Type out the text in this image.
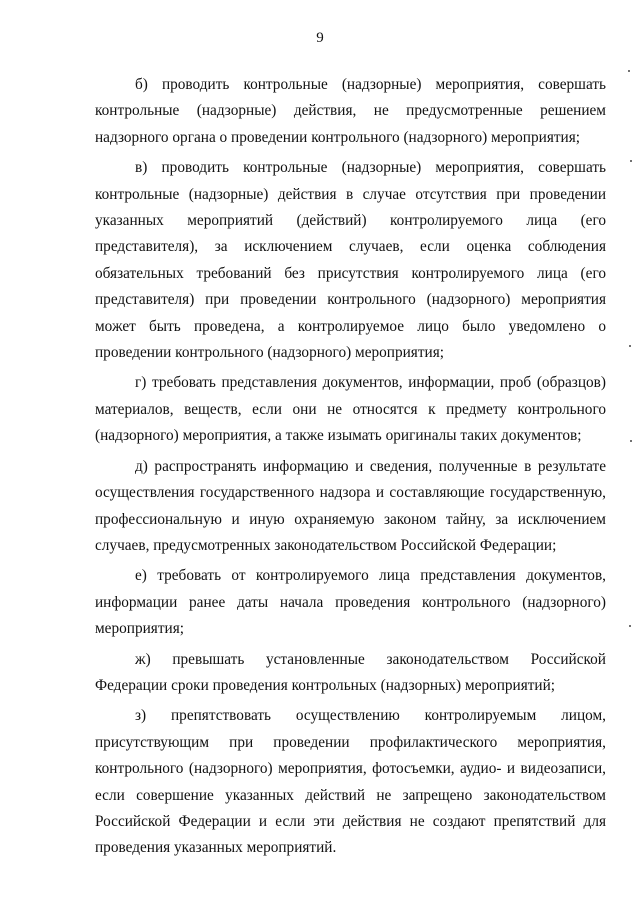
9

б) проводить контрольные (надзорные) мероприятия, совершать контрольные (надзорные) действия, не предусмотренные решением надзорного органа о проведении контрольного (надзорного) мероприятия;

в) проводить контрольные (надзорные) мероприятия, совершать контрольные (надзорные) действия в случае отсутствия при проведении указанных мероприятий (действий) контролируемого лица (его представителя), за исключением случаев, если оценка соблюдения обязательных требований без присутствия контролируемого лица (его представителя) при проведении контрольного (надзорного) мероприятия может быть проведена, а контролируемое лицо было уведомлено о проведении контрольного (надзорного) мероприятия;

г) требовать представления документов, информации, проб (образцов) материалов, веществ, если они не относятся к предмету контрольного (надзорного) мероприятия, а также изымать оригиналы таких документов;

д) распространять информацию и сведения, полученные в результате осуществления государственного надзора и составляющие государственную, профессиональную и иную охраняемую законом тайну, за исключением случаев, предусмотренных законодательством Российской Федерации;

е) требовать от контролируемого лица представления документов, информации ранее даты начала проведения контрольного (надзорного) мероприятия;

ж) превышать установленные законодательством Российской Федерации сроки проведения контрольных (надзорных) мероприятий;

з) препятствовать осуществлению контролируемым лицом, присутствующим при проведении профилактического мероприятия, контрольного (надзорного) мероприятия, фотосъемки, аудио- и видеозаписи, если совершение указанных действий не запрещено законодательством Российской Федерации и если эти действия не создают препятствий для проведения указанных мероприятий.
